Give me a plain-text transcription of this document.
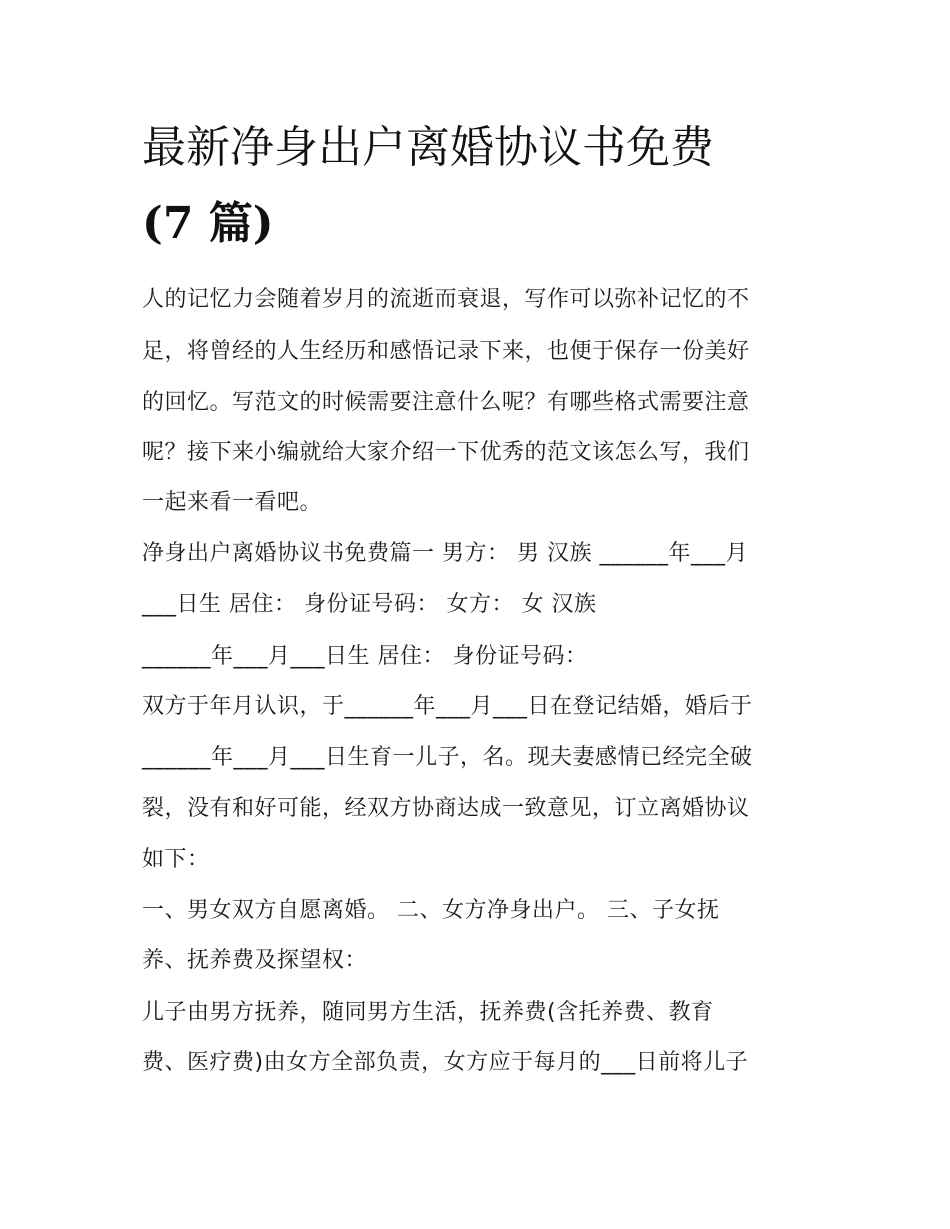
最新净身出户离婚协议书免费
(7 篇)

人的记忆力会随着岁月的流逝而衰退，写作可以弥补记忆的不

足，将曾经的人生经历和感悟记录下来，也便于保存一份美好

的回忆。写范文的时候需要注意什么呢？有哪些格式需要注意

呢？接下来小编就给大家介绍一下优秀的范文该怎么写，我们

一起来看一看吧。

净身出户离婚协议书免费篇一 男方： 男 汉族 ______年___月

___日生 居住： 身份证号码： 女方： 女 汉族

______年___月___日生 居住： 身份证号码：

双方于年月认识，于______年___月___日在登记结婚，婚后于

______年___月___日生育一儿子，名。现夫妻感情已经完全破

裂，没有和好可能，经双方协商达成一致意见，订立离婚协议

如下：

一、男女双方自愿离婚。 二、女方净身出户。 三、子女抚

养、抚养费及探望权：

儿子由男方抚养，随同男方生活，抚养费(含托养费、教育

费、医疗费)由女方全部负责，女方应于每月的___日前将儿子
